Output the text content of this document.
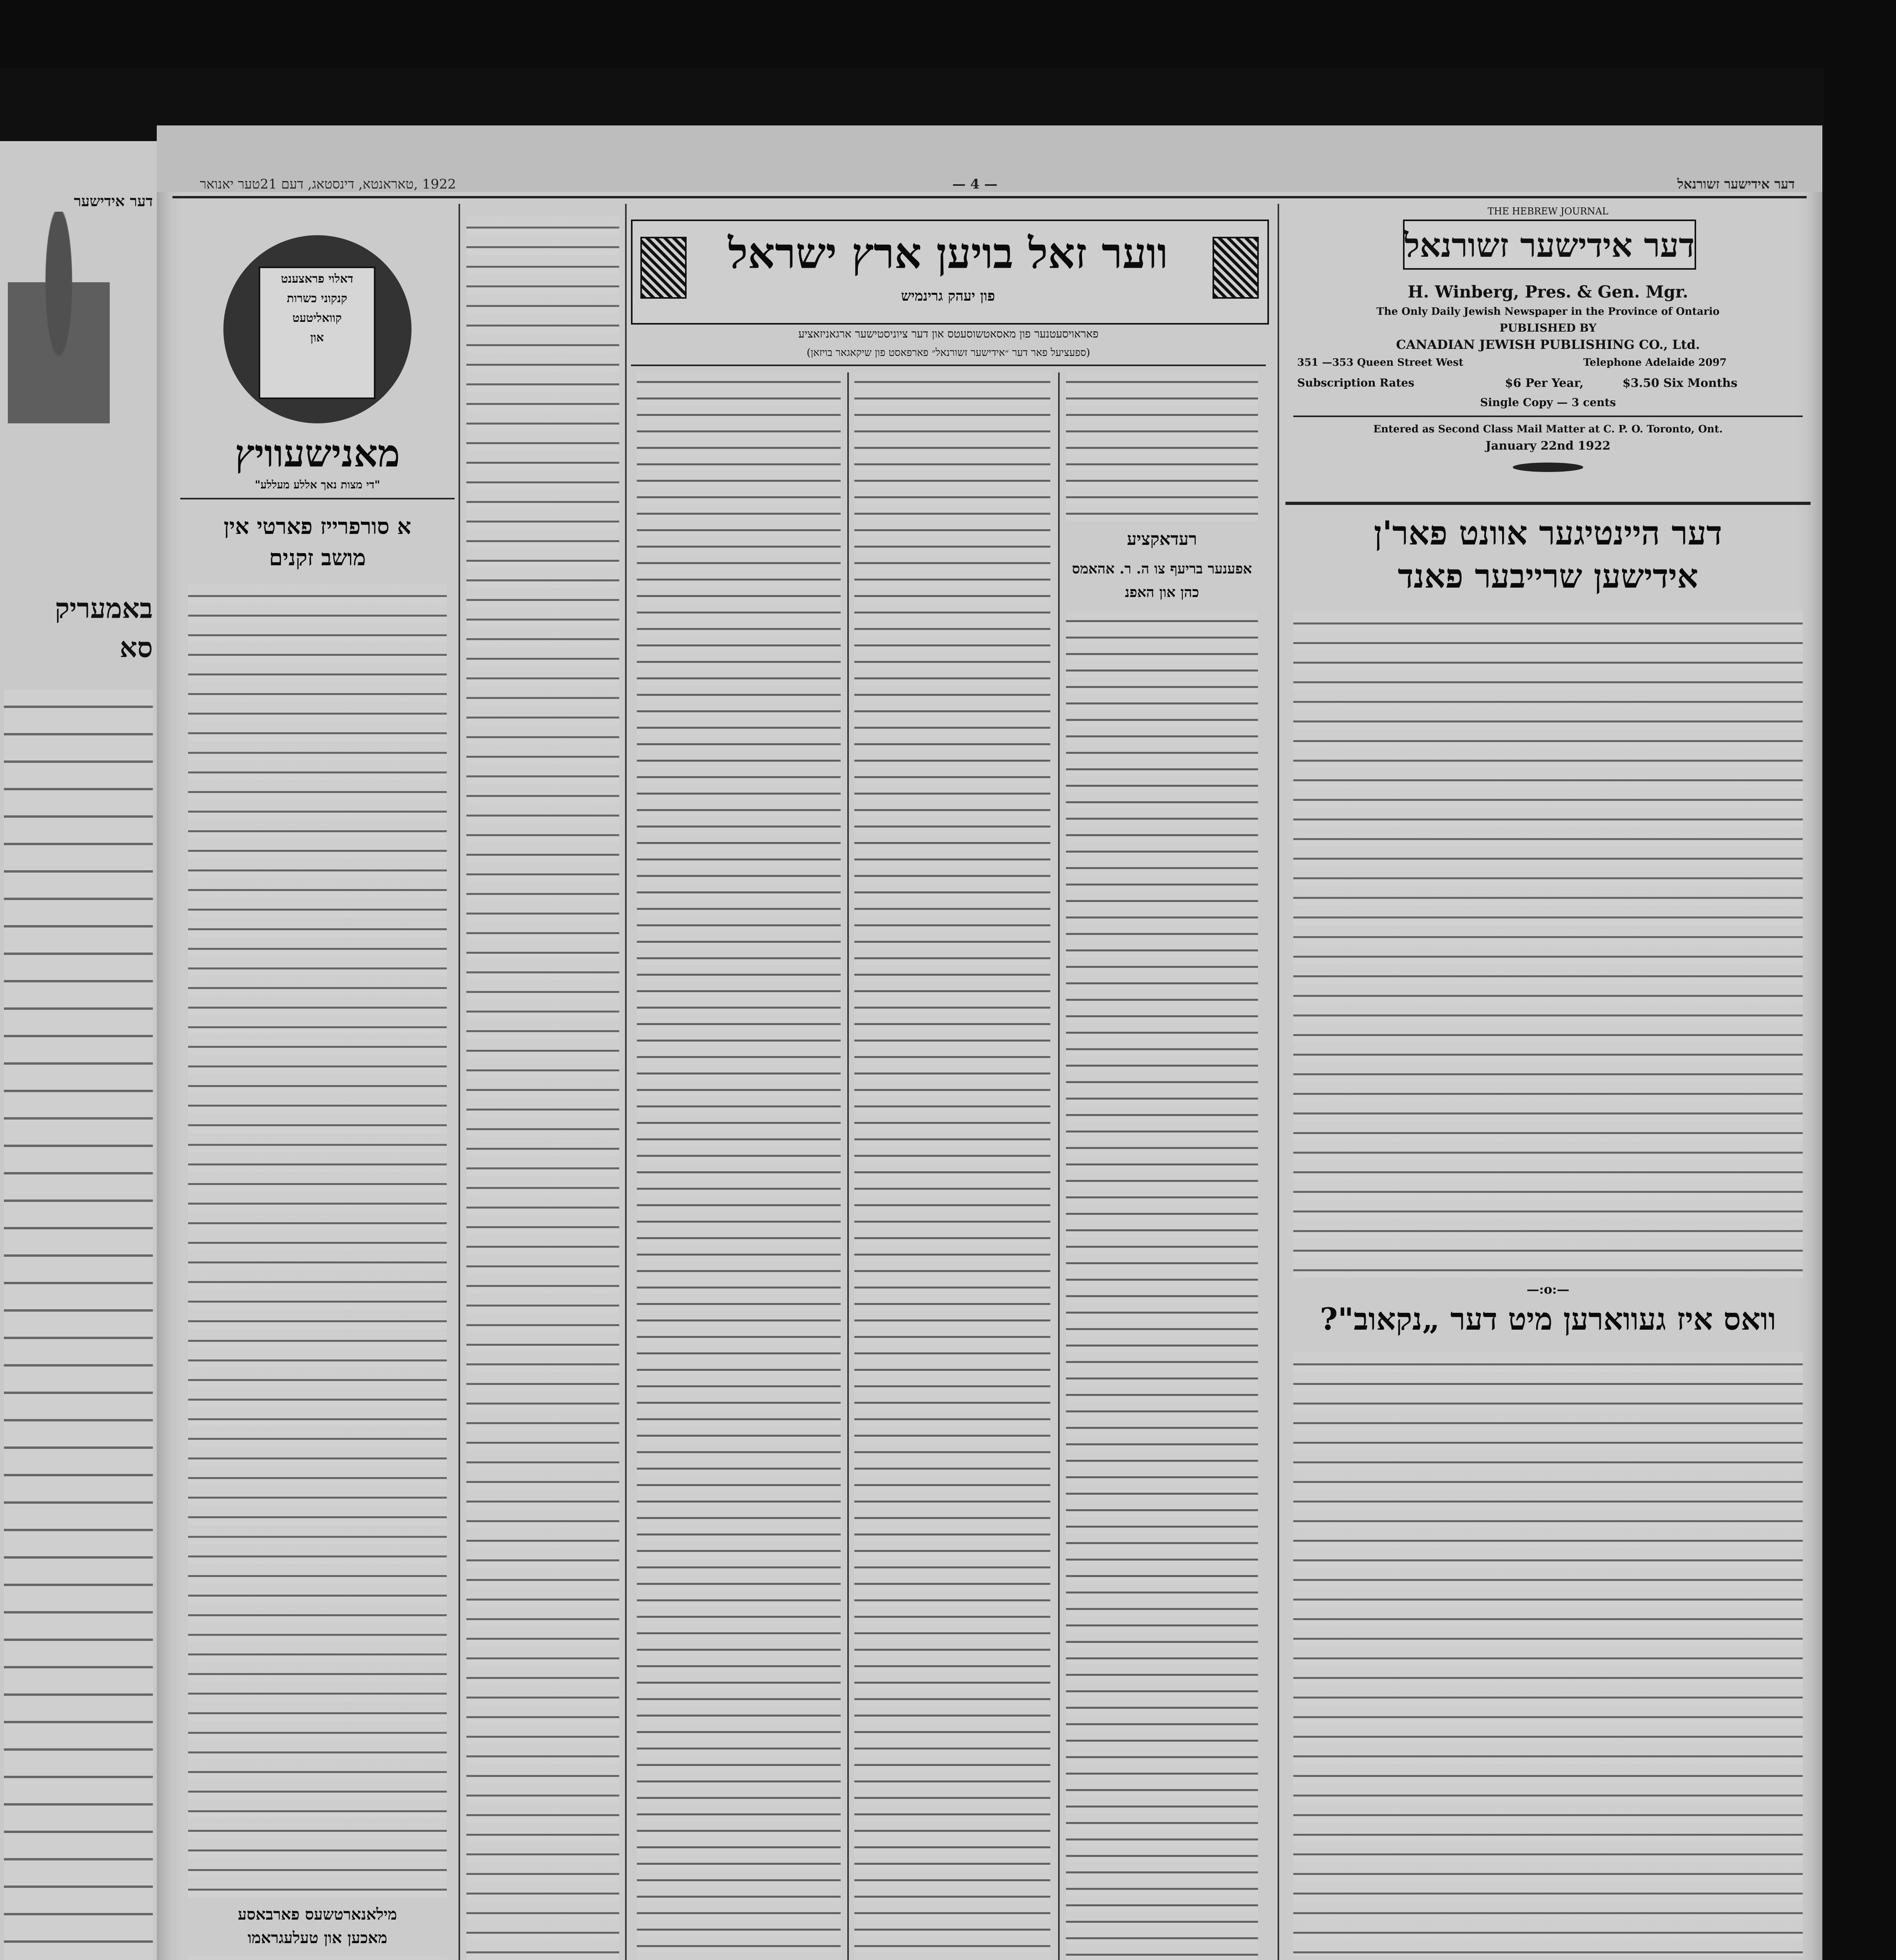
דער אידישער
באמעריק
סא
1922 ,טאראנטא, דינסטאג, דעם 21טער יאנואר	— 4 —	דער אידישער זשורנאל
THE HEBREW JOURNAL
דער אידישער זשורנאל
H. Winberg, Pres. & Gen. Mgr.
The Only Daily Jewish Newspaper in the Province of Ontario
PUBLISHED BY
CANADIAN JEWISH PUBLISHING CO., Ltd.
351 —353 Queen Street West	Telephone Adelaide 2097
Subscription Rates	$6 Per Year,	$3.50 Six Months
Single Copy — 3 cents
Entered as Second Class Mail Matter at C. P. O. Toronto, Ont.
January 22nd 1922
דער היינטיגער אוונט פאר'ן
אידישען שרייבער פאנד
—:o:—
וואס איז געווארען מיט דער „נקאוב"?
ווער זאל בויען ארץ ישראל
פון יעהק גרינמיש
פאראויסעטנער פון מאסאטשוסעטס און דער ציוניסטישער ארגאניזאציע
(ספעציעל פאר דער ״אידישער זשורנאל״ פארפאסט פון שיקאגאר בויזאן)
רעדאקציע
אפענער בריעף צו ה. ר. אהאמס
כהן און האפנ
דאלוי פראצענט
קנקוני כשרות
קוואליטעט
און
מאנישעוויץ
"די מצות נאך אללע מעללע"
א סורפרייז פארטי אין
מושב זקנים
מילאנארטשעס פארבאסע
מאכען און טעלעגראמו
